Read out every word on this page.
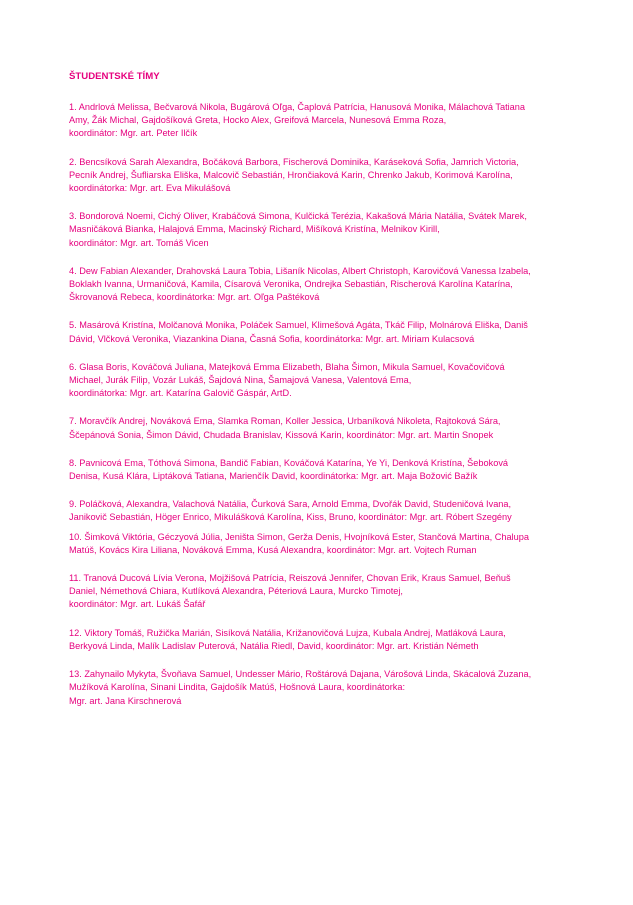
ŠTUDENTSKÉ TÍMY

1. Andrlová Melissa, Bečvarová Nikola, Bugárová Oľga, Čaplová Patrícia, Hanusová Monika, Málachová Tatiana
Amy, Žák Michal, Gajdošíková Greta, Hocko Alex, Greifová Marcela, Nunesová Emma Roza,
koordinátor: Mgr. art. Peter Ilčík

2. Bencsíková Sarah Alexandra, Bočáková Barbora, Fischerová Dominika, Karáseková Sofia, Jamrich Victoria,
Pecník Andrej, Šufliarska Eliška, Malcovič Sebastián, Hrončiaková Karin, Chrenko Jakub, Korimová Karolína,
koordinátorka: Mgr. art. Eva Mikulášová

3. Bondorová Noemi, Cichý Oliver, Krabáčová Simona, Kulčická Terézia, Kakašová Mária Natália, Svátek Marek,
Masničáková Bianka, Halajová Emma, Macinský Richard, Mišíková Kristína, Melnikov Kirill,
koordinátor: Mgr. art. Tomáš Vicen

4. Dew Fabian Alexander, Drahovská Laura Tobia, Lišaník Nicolas, Albert Christoph, Karovičová Vanessa Izabela,
Boklakh Ivanna, Urmaničová, Kamila, Císarová Veronika, Ondrejka Sebastián, Rischerová Karolína Katarína,
Škrovanová Rebeca, koordinátorka: Mgr. art. Oľga Paštéková

5. Masárová Kristína, Molčanová Monika, Poláček Samuel, Klimešová Agáta, Tkáč Filip, Molnárová Eliška, Daniš
Dávid, Vlčková Veronika, Viazankina Diana, Časná Sofia, koordinátorka: Mgr. art. Miriam Kulacsová

6. Glasa Boris, Kováčová Juliana, Matejková Emma Elizabeth, Blaha Šimon, Mikula Samuel, Kovačovičová
Michael, Jurák Filip, Vozár Lukáš, Šajdová Nina, Šamajová Vanesa, Valentová Ema,
koordinátorka: Mgr. art. Katarína Galovič Gáspár, ArtD.

7. Moravčík Andrej, Nováková Ema, Slamka Roman, Koller Jessica, Urbaníková Nikoleta, Rajtoková Sára,
Ščepánová Sonia, Šimon Dávid, Chudada Branislav, Kissová Karin, koordinátor: Mgr. art. Martin Snopek

8. Pavnicová Ema, Tóthová Simona, Bandič Fabian, Kováčová Katarína, Ye Yi, Denková Kristína, Šeboková
Denisa, Kusá Klára, Liptáková Tatiana, Marienčík David, koordinátorka: Mgr. art. Maja Božović Bažík

9. Poláčková, Alexandra, Valachová Natália, Čurková Sara, Arnold Emma, Dvořák David, Studeničová Ivana,
Janikovič Sebastián, Höger Enrico, Mikulášková Karolína, Kiss, Bruno, koordinátor: Mgr. art. Róbert Szegény

10. Šimková Viktória, Géczyová Júlia, Jeništa Simon, Gerža Denis, Hvojníková Ester, Stančová Martina, Chalupa
Matúš, Kovács Kira Liliana, Nováková Emma, Kusá Alexandra, koordinátor: Mgr. art. Vojtech Ruman

11. Tranová Ducová Lívia Verona, Mojžišová Patrícia, Reiszová Jennifer, Chovan Erik, Kraus Samuel, Beňuš
Daniel, Némethová Chiara, Kutlíková Alexandra, Péteriová Laura, Murcko Timotej,
koordinátor: Mgr. art. Lukáš Šafář

12. Viktory Tomáš, Ružička Marián, Sisíková Natália, Križanovičová Lujza, Kubala Andrej, Matláková Laura,
Berkyová Linda, Malík Ladislav Puterová, Natália Riedl, David, koordinátor: Mgr. art. Kristián Németh

13. Zahynailo Mykyta, Švoňava Samuel, Undesser Mário, Roštárová Dajana, Várošová Linda, Skácalová Zuzana,
Mužíková Karolína, Sinani Lindita, Gajdošík Matúš, Hošnová Laura, koordinátorka:
Mgr. art. Jana Kirschnerová
